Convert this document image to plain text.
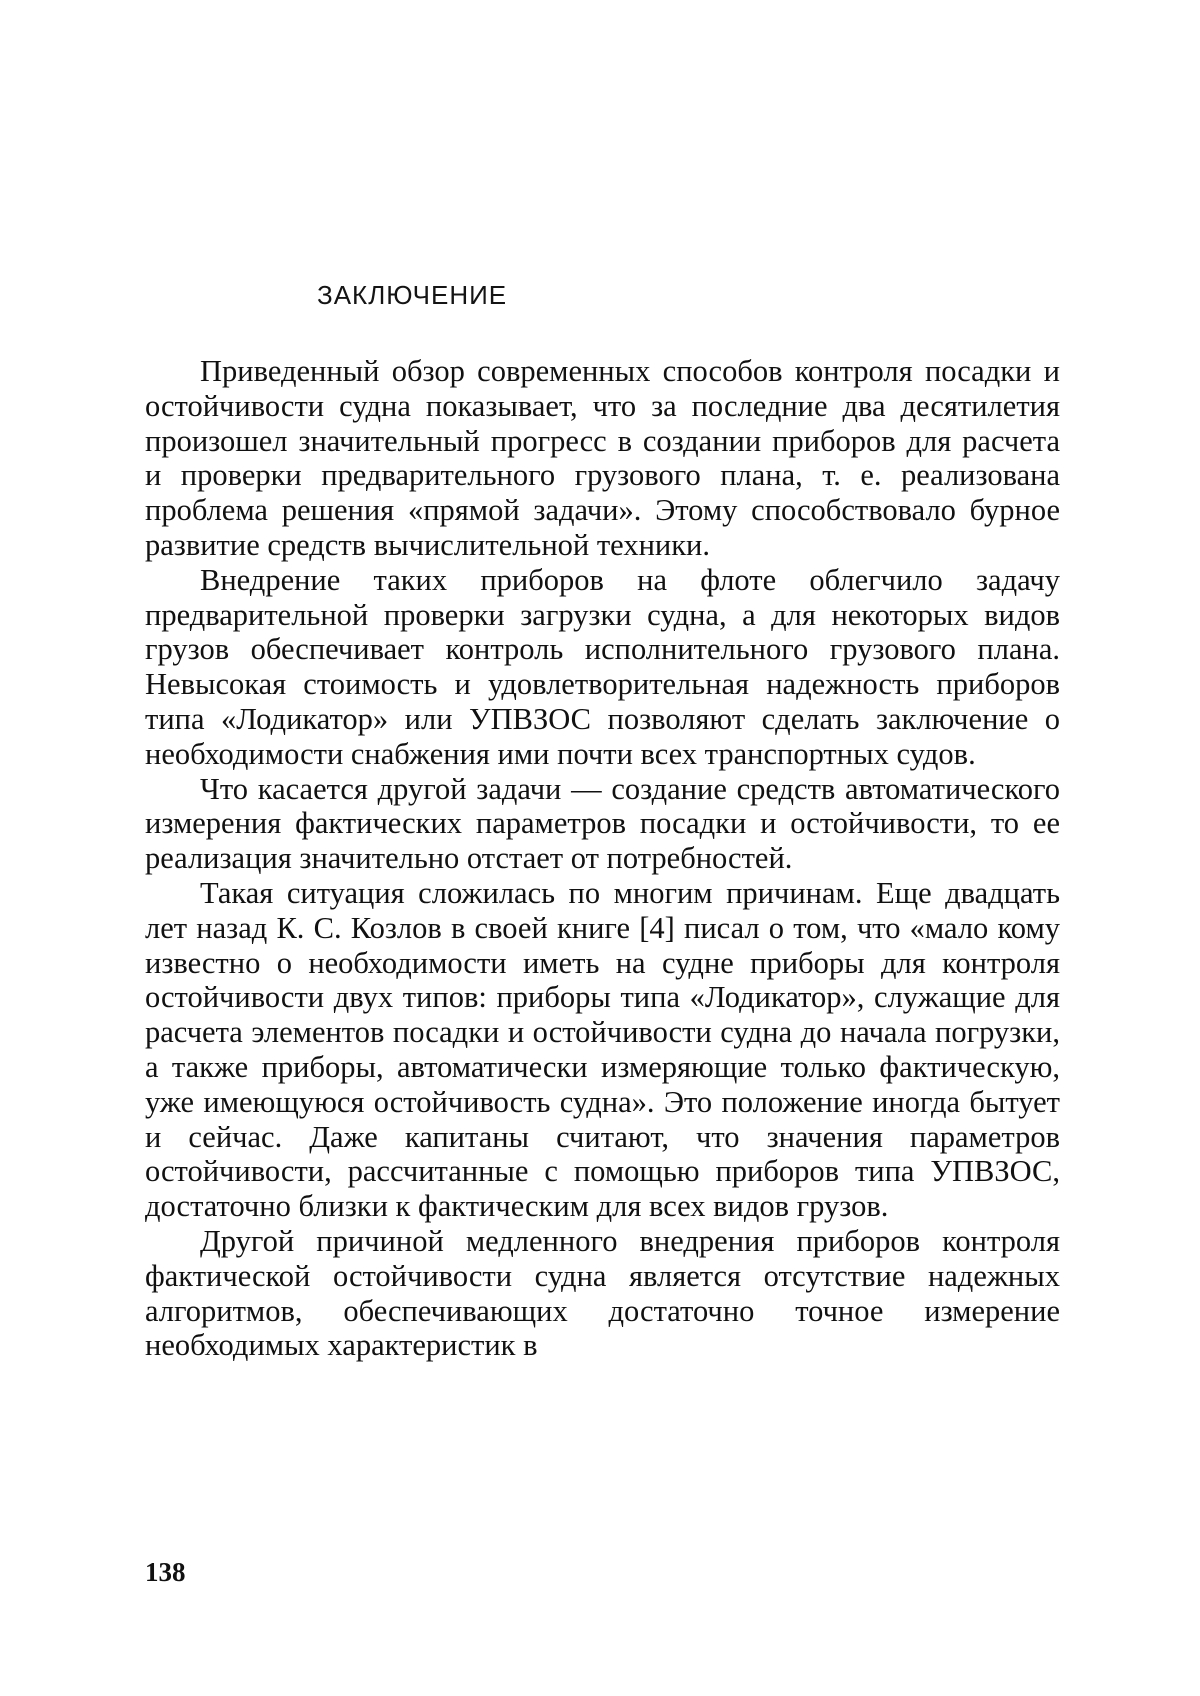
ЗАКЛЮЧЕНИЕ

Приведенный обзор современных способов контроля посадки и остойчивости судна показывает, что за последние два десятилетия произошел значительный прогресс в создании приборов для расчета и проверки предварительного грузового плана, т. е. реализована проблема решения «прямой задачи». Этому способствовало бурное развитие средств вычислительной техники.

Внедрение таких приборов на флоте облегчило задачу предварительной проверки загрузки судна, а для некоторых видов грузов обеспечивает контроль исполнительного грузового плана. Невысокая стоимость и удовлетворительная надежность приборов типа «Лодикатор» или УПВЗОС позволяют сделать заключение о необходимости снабжения ими почти всех транспортных судов.

Что касается другой задачи — создание средств автоматического измерения фактических параметров посадки и остойчивости, то ее реализация значительно отстает от потребностей.

Такая ситуация сложилась по многим причинам. Еще двадцать лет назад К. С. Козлов в своей книге [4] писал о том, что «мало кому известно о необходимости иметь на судне приборы для контроля остойчивости двух типов: приборы типа «Лодикатор», служащие для расчета элементов посадки и остойчивости судна до начала погрузки, а также приборы, автоматически измеряющие только фактическую, уже имеющуюся остойчивость судна». Это положение иногда бытует и сейчас. Даже капитаны считают, что значения параметров остойчивости, рассчитанные с помощью приборов типа УПВЗОС, достаточно близки к фактическим для всех видов грузов.

Другой причиной медленного внедрения приборов контроля фактической остойчивости судна является отсутствие надежных алгоритмов, обеспечивающих достаточно точное измерение необходимых характеристик в

138
